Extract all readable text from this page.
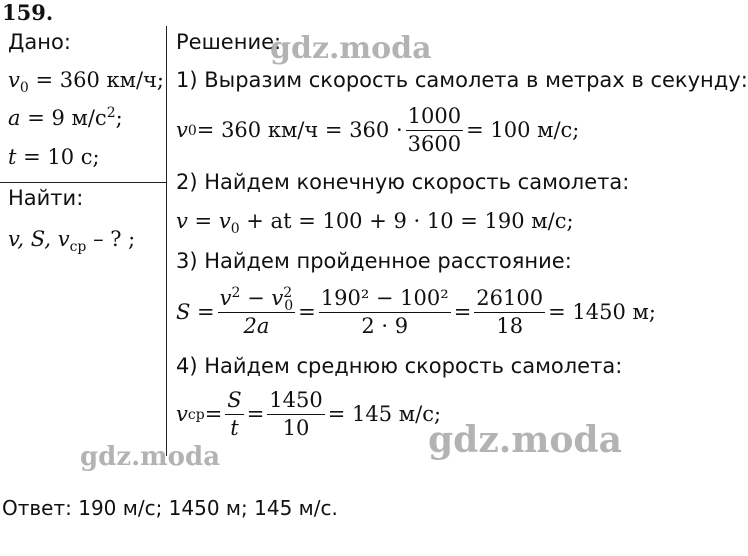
159.
Дано:
$v_0 = 360$ км/ч;
a = 9 $м/с^2$;
t = 10 с;
Найти:
v, S, $v_{ср}$ – ? ;
Решение:
1) Выразим скорость самолета в метрах в секунду:
v 0 = 360 $км/ч = 360 \cdot \frac{1000}{3600} = 100$ м/с;
2) Найдем конечную скорость самолета:
$v = v_0$ + at = 100 + 9 · 10 = 190 м/с;
3) Найдем пройденное расстояние:
$S = \frac{v^2 - v^2_0}{2a} = \frac{\text{190² − 100²}}{2 \cdot 9} = \frac{26100}{18} = 1450$ м;
4) Найдем среднюю скорость самолета:
v ср = $\frac{S}{t} = \frac{1450}{10} = 145$ м/с;
Ответ: 190 м/с; 1450 м; 145 м/с.
gdz.moda
gdz.moda
gdz.moda
